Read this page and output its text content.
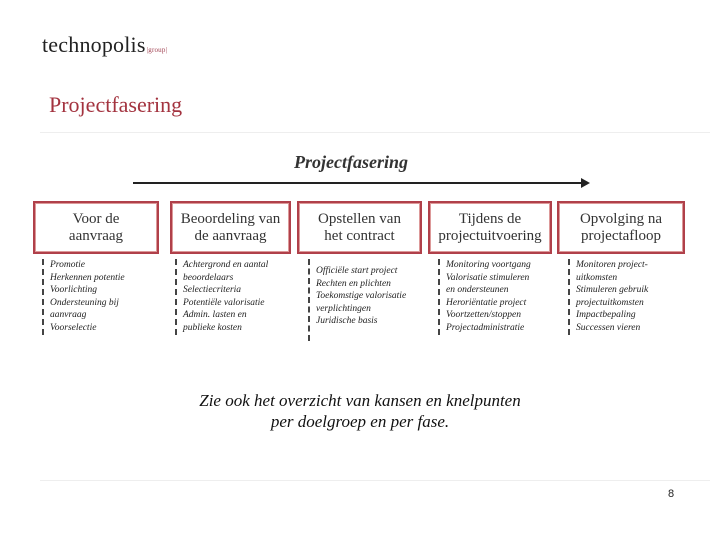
technopolis|group|
Projectfasering
Projectfasering
Voor de
aanvraag
Promotie
Herkennen potentie
Voorlichting
Ondersteuning bij
aanvraag
Voorselectie
Beoordeling van
de aanvraag
Achtergrond en aantal
beoordelaars
Selectiecriteria
Potentiële valorisatie
Admin. lasten en
publieke kosten
Opstellen van
het contract
Officiële start project
Rechten en plichten
Toekomstige valorisatie
verplichtingen
Juridische basis
Tijdens de
projectuitvoering
Monitoring voortgang
Valorisatie stimuleren
en ondersteunen
Heroriëntatie project
Voortzetten/stoppen
Projectadministratie
Opvolging na
projectafloop
Monitoren project-
uitkomsten
Stimuleren gebruik
projectuitkomsten
Impactbepaling
Successen vieren
Zie ook het overzicht van kansen en knelpunten
per doelgroep en per fase.
8
